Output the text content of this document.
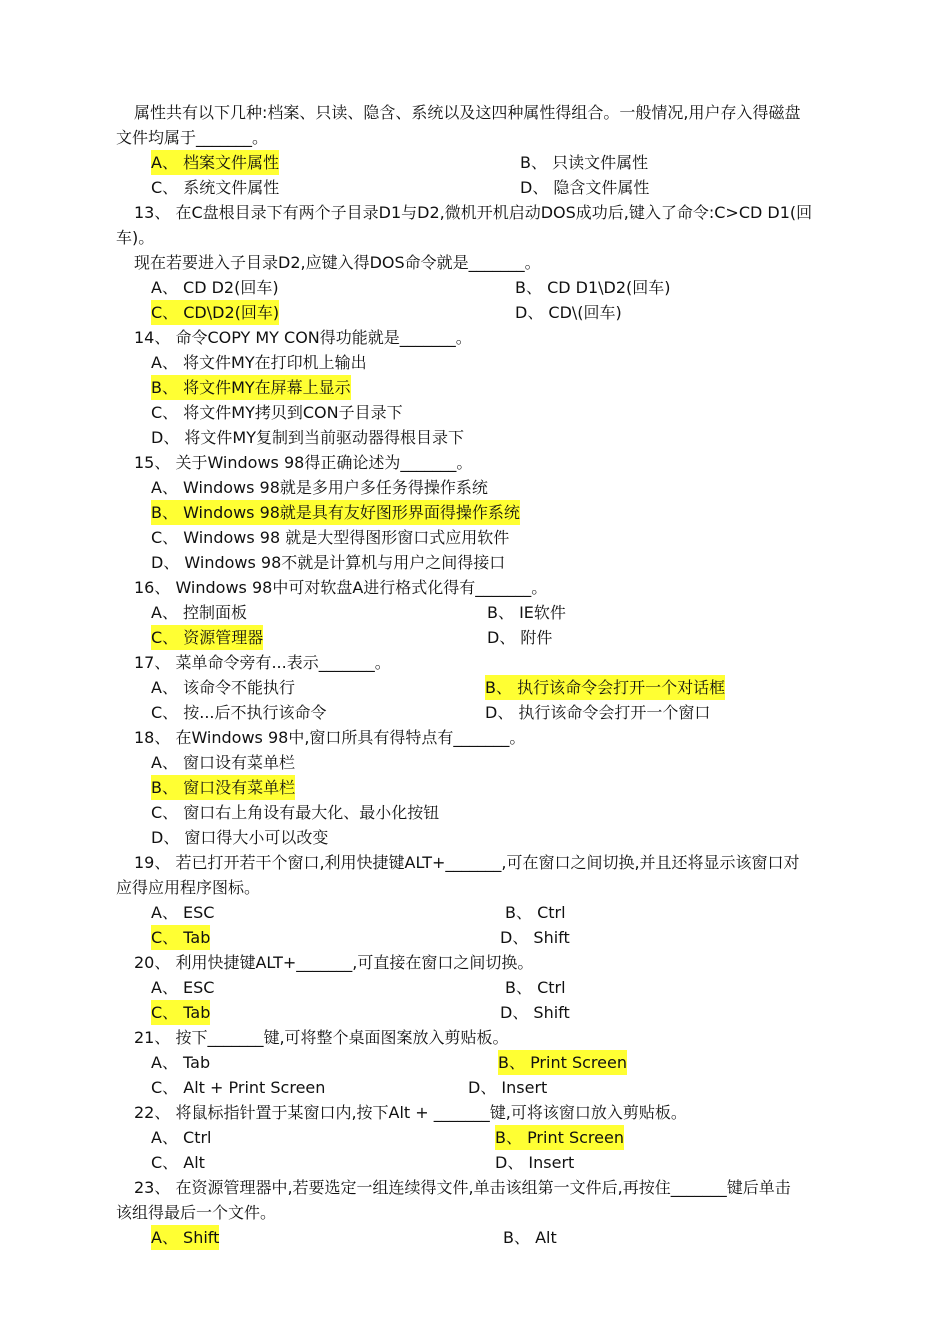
属性共有以下几种:档案、只读、隐含、系统以及这四种属性得组合。一般情况,用户存入得磁盘
文件均属于_______。
A、 档案文件属性	B、 只读文件属性
C、 系统文件属性	D、 隐含文件属性
13、 在C盘根目录下有两个子目录D1与D2,微机开机启动DOS成功后,键入了命令:C>CD D1(回
车)。
现在若要进入子目录D2,应键入得DOS命令就是_______。
A、 CD D2(回车)	B、 CD D1\D2(回车)
C、 CD\D2(回车)	D、 CD\(回车)
14、 命令COPY MY CON得功能就是_______。
A、 将文件MY在打印机上输出
B、 将文件MY在屏幕上显示
C、 将文件MY拷贝到CON子目录下
D、 将文件MY复制到当前驱动器得根目录下
15、 关于Windows 98得正确论述为_______。
A、 Windows 98就是多用户多任务得操作系统
B、 Windows 98就是具有友好图形界面得操作系统
C、 Windows 98 就是大型得图形窗口式应用软件
D、 Windows 98不就是计算机与用户之间得接口
16、 Windows 98中可对软盘A进行格式化得有_______。
A、 控制面板	B、 IE软件
C、 资源管理器	D、 附件
17、 菜单命令旁有...表示_______。
A、 该命令不能执行	B、 执行该命令会打开一个对话框
C、 按...后不执行该命令	D、 执行该命令会打开一个窗口
18、 在Windows 98中,窗口所具有得特点有_______。
A、 窗口设有菜单栏
B、 窗口没有菜单栏
C、 窗口右上角设有最大化、最小化按钮
D、 窗口得大小可以改变
19、 若已打开若干个窗口,利用快捷键ALT+_______,可在窗口之间切换,并且还将显示该窗口对
应得应用程序图标。
A、 ESC	B、 Ctrl
C、 Tab	D、 Shift
20、 利用快捷键ALT+_______,可直接在窗口之间切换。
A、 ESC	B、 Ctrl
C、 Tab	D、 Shift
21、 按下_______键,可将整个桌面图案放入剪贴板。
A、 Tab	B、 Print Screen
C、 Alt + Print Screen	D、 Insert
22、 将鼠标指针置于某窗口内,按下Alt + _______键,可将该窗口放入剪贴板。
A、 Ctrl	B、 Print Screen
C、 Alt	D、 Insert
23、 在资源管理器中,若要选定一组连续得文件,单击该组第一文件后,再按住_______键后单击
该组得最后一个文件。
A、 Shift	B、 Alt
